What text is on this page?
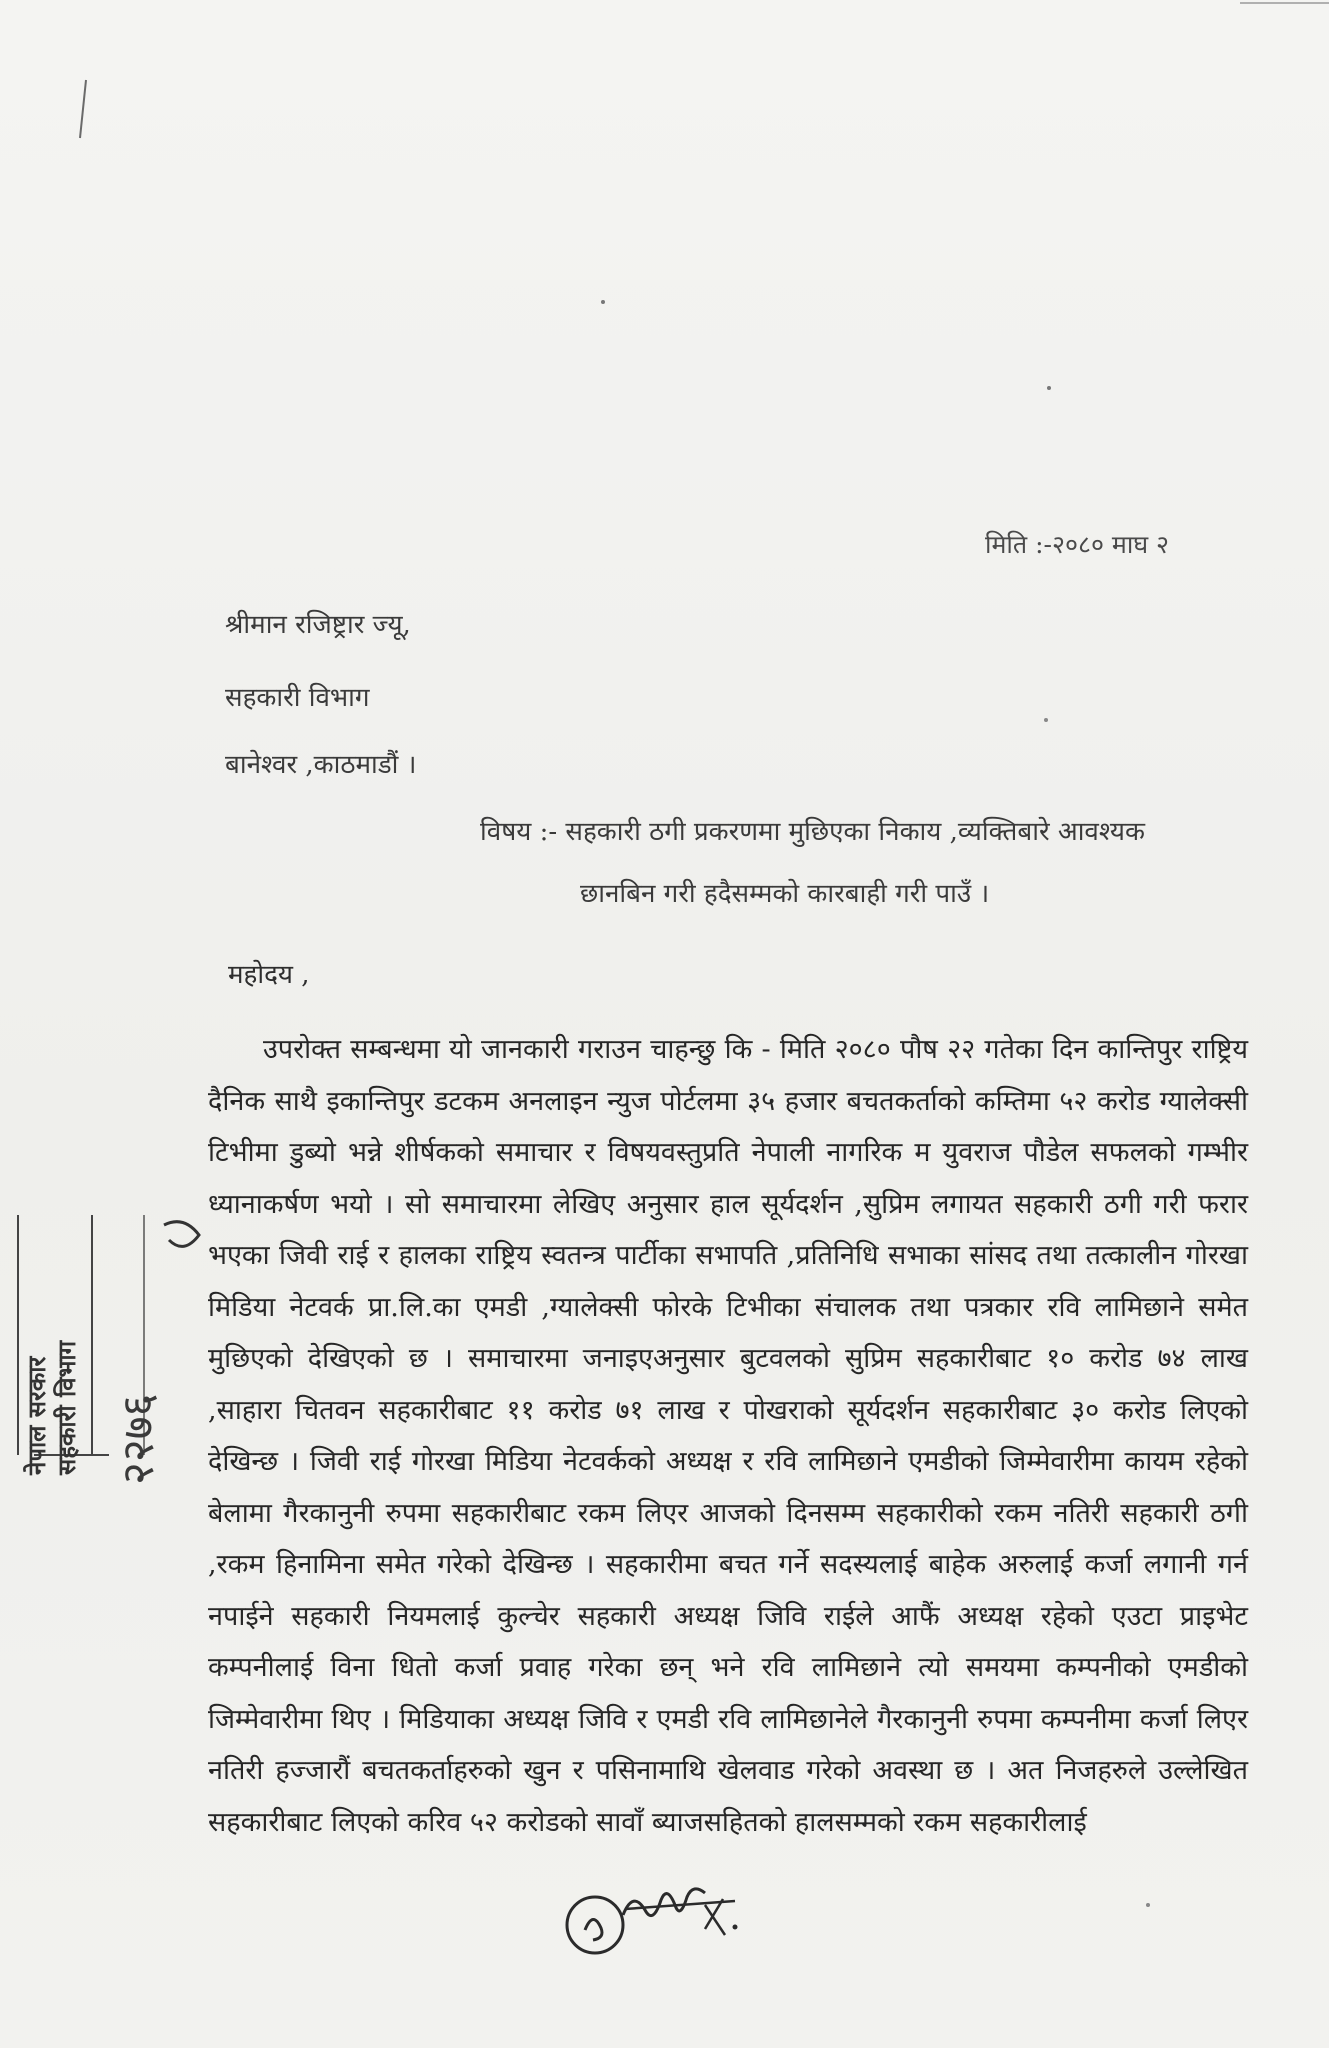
मिति :-२०८० माघ २
श्रीमान रजिष्ट्रार ज्यू,
सहकारी विभाग
बानेश्वर ,काठमाडौं ।
विषय :- सहकारी ठगी प्रकरणमा मुछिएका निकाय ,व्यक्तिबारे आवश्यक
छानबिन गरी हदैसम्मको कारबाही गरी पाउँ ।
महोदय ,
उपरोक्त सम्बन्धमा यो जानकारी गराउन चाहन्छु कि - मिति २०८० पौष २२ गतेका दिन कान्तिपुर राष्ट्रिय दैनिक साथै इकान्तिपुर डटकम अनलाइन न्युज पोर्टलमा ३५ हजार बचतकर्ताको कम्तिमा ५२ करोड ग्यालेक्सी टिभीमा डुब्यो भन्ने शीर्षकको समाचार र विषयवस्तुप्रति नेपाली नागरिक म युवराज पौडेल सफलको गम्भीर ध्यानाकर्षण भयो । सो समाचारमा लेखिए अनुसार हाल सूर्यदर्शन ,सुप्रिम लगायत सहकारी ठगी गरी फरार भएका जिवी राई र हालका राष्ट्रिय स्वतन्त्र पार्टीका सभापति ,प्रतिनिधि सभाका सांसद तथा तत्कालीन गोरखा मिडिया नेटवर्क प्रा.लि.का एमडी ,ग्यालेक्सी फोरके टिभीका संचालक तथा पत्रकार रवि लामिछाने समेत मुछिएको देखिएको छ । समाचारमा जनाइएअनुसार बुटवलको सुप्रिम सहकारीबाट १० करोड ७४ लाख ,साहारा चितवन सहकारीबाट ११ करोड ७१ लाख र पोखराको सूर्यदर्शन सहकारीबाट ३० करोड लिएको देखिन्छ । जिवी राई गोरखा मिडिया नेटवर्कको अध्यक्ष र रवि लामिछाने एमडीको जिम्मेवारीमा कायम रहेको बेलामा गैरकानुनी रुपमा सहकारीबाट रकम लिएर आजको दिनसम्म सहकारीको रकम नतिरी सहकारी ठगी ,रकम हिनामिना समेत गरेको देखिन्छ । सहकारीमा बचत गर्ने सदस्यलाई बाहेक अरुलाई कर्जा लगानी गर्न नपाईने सहकारी नियमलाई कुल्चेर सहकारी अध्यक्ष जिवि राईले आफैं अध्यक्ष रहेको एउटा प्राइभेट कम्पनीलाई विना धितो कर्जा प्रवाह गरेका छन् भने रवि लामिछाने त्यो समयमा कम्पनीको एमडीको जिम्मेवारीमा थिए । मिडियाका अध्यक्ष जिवि र एमडी रवि लामिछानेले गैरकानुनी रुपमा कम्पनीमा कर्जा लिएर नतिरी हज्जारौं बचतकर्ताहरुको खुन र पसिनामाथि खेलवाड गरेको अवस्था छ । अत निजहरुले उल्लेखित सहकारीबाट लिएको करिव ५२ करोडको सावाँ ब्याजसहितको हालसम्मको रकम सहकारीलाई
नेपाल सरकार सहकारी विभाग २२७६
